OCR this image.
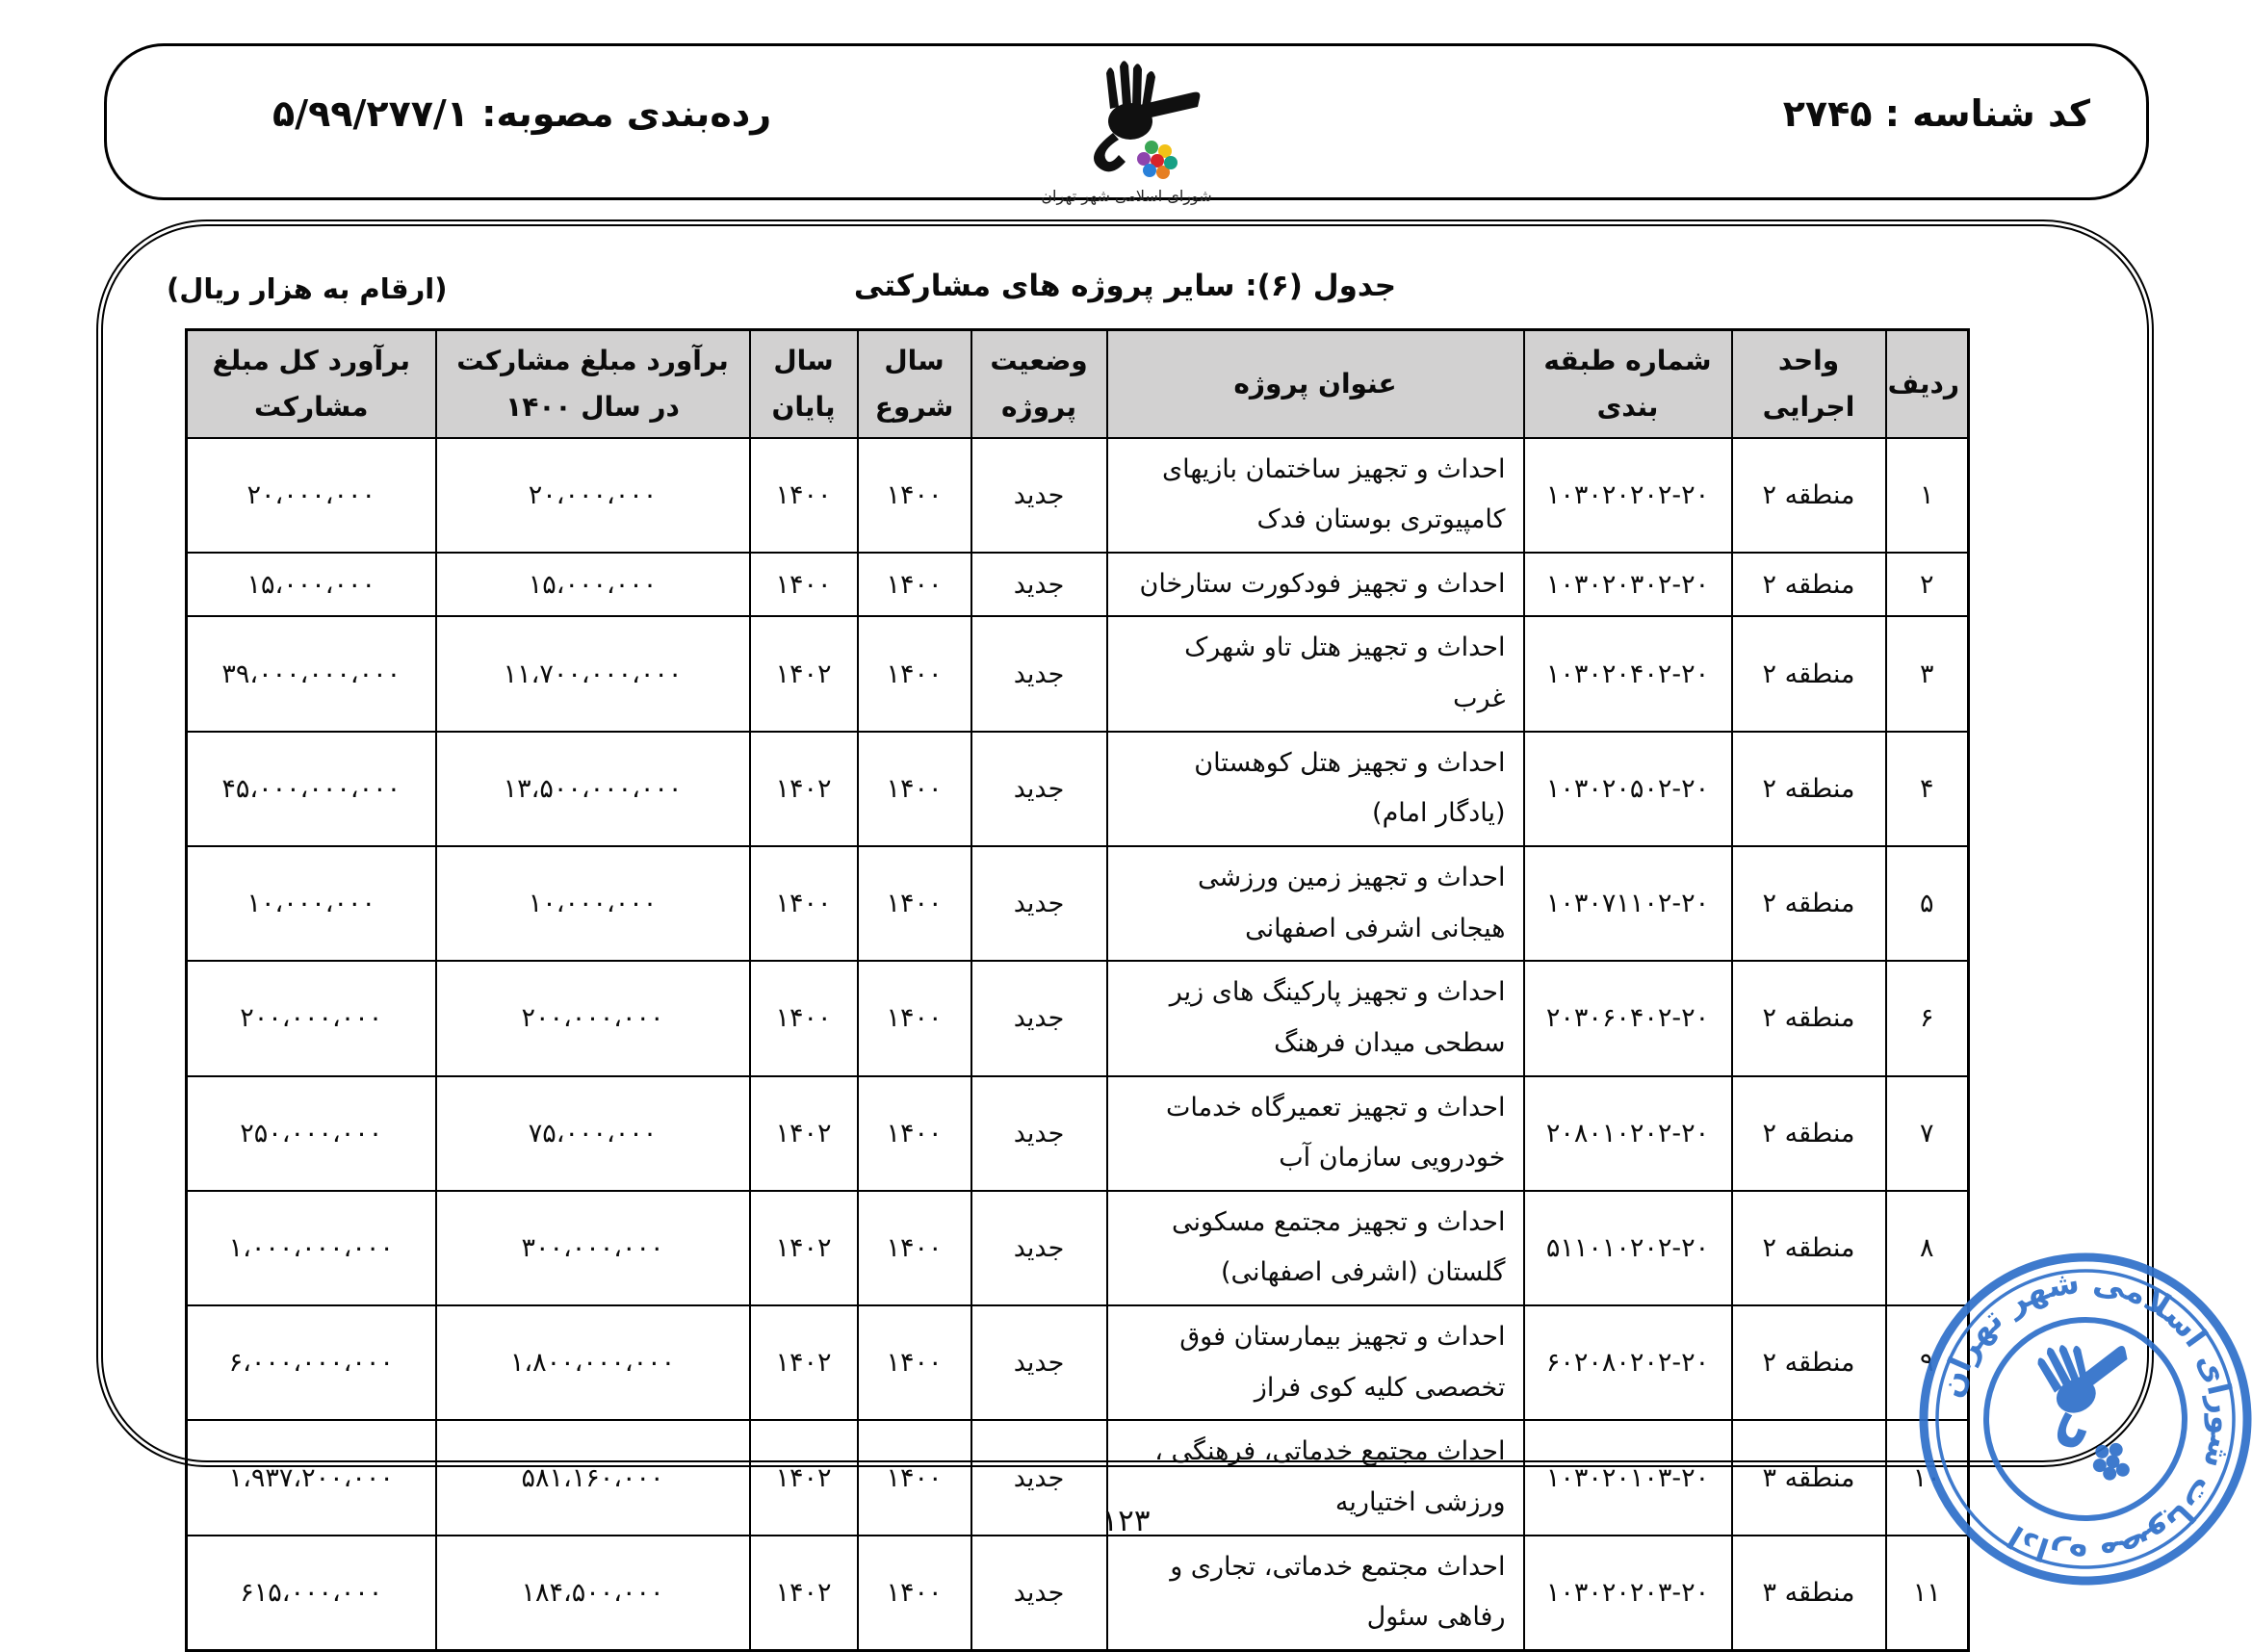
کد شناسه : ۲۷۴۵
شورای اسلامی شهر تهران
رده‌بندی مصوبه: ۵/۹۹/۲۷۷/۱
(ارقام به هزار ریال)	جدول (۶): سایر پروژه های مشارکتی
ردیف	واحد اجرایی	شماره طبقه بندی	عنوان پروژه	وضعیت پروژه	سال شروع	سال پایان	برآورد مبلغ مشارکت در سال ۱۴۰۰	برآورد کل مبلغ مشارکت
۱	منطقه ۲	۱۰۳۰۲۰۲۰۲-۲۰	احداث و تجهیز ساختمان بازیهای کامپیوتری بوستان فدک	جدید	۱۴۰۰	۱۴۰۰	۲۰،۰۰۰،۰۰۰	۲۰،۰۰۰،۰۰۰
۲	منطقه ۲	۱۰۳۰۲۰۳۰۲-۲۰	احداث و تجهیز فودکورت ستارخان	جدید	۱۴۰۰	۱۴۰۰	۱۵،۰۰۰،۰۰۰	۱۵،۰۰۰،۰۰۰
۳	منطقه ۲	۱۰۳۰۲۰۴۰۲-۲۰	احداث و تجهیز هتل تاو شهرک غرب	جدید	۱۴۰۰	۱۴۰۲	۱۱،۷۰۰،۰۰۰،۰۰۰	۳۹،۰۰۰،۰۰۰،۰۰۰
۴	منطقه ۲	۱۰۳۰۲۰۵۰۲-۲۰	احداث و تجهیز هتل کوهستان (یادگار امام)	جدید	۱۴۰۰	۱۴۰۲	۱۳،۵۰۰،۰۰۰،۰۰۰	۴۵،۰۰۰،۰۰۰،۰۰۰
۵	منطقه ۲	۱۰۳۰۷۱۱۰۲-۲۰	احداث و تجهیز زمین ورزشی هیجانی اشرفی اصفهانی	جدید	۱۴۰۰	۱۴۰۰	۱۰،۰۰۰،۰۰۰	۱۰،۰۰۰،۰۰۰
۶	منطقه ۲	۲۰۳۰۶۰۴۰۲-۲۰	احداث و تجهیز پارکینگ های زیر سطحی میدان فرهنگ	جدید	۱۴۰۰	۱۴۰۰	۲۰۰،۰۰۰،۰۰۰	۲۰۰،۰۰۰،۰۰۰
۷	منطقه ۲	۲۰۸۰۱۰۲۰۲-۲۰	احداث و تجهیز تعمیرگاه خدمات خودرویی سازمان آب	جدید	۱۴۰۰	۱۴۰۲	۷۵،۰۰۰،۰۰۰	۲۵۰،۰۰۰،۰۰۰
۸	منطقه ۲	۵۱۱۰۱۰۲۰۲-۲۰	احداث و تجهیز مجتمع مسکونی گلستان (اشرفی اصفهانی)	جدید	۱۴۰۰	۱۴۰۲	۳۰۰،۰۰۰،۰۰۰	۱،۰۰۰،۰۰۰،۰۰۰
۹	منطقه ۲	۶۰۲۰۸۰۲۰۲-۲۰	احداث و تجهیز بیمارستان فوق تخصصی کلیه کوی فراز	جدید	۱۴۰۰	۱۴۰۲	۱،۸۰۰،۰۰۰،۰۰۰	۶،۰۰۰،۰۰۰،۰۰۰
۱۰	منطقه ۳	۱۰۳۰۲۰۱۰۳-۲۰	احداث مجتمع خدماتی، فرهنگی ، ورزشی اختیاریه	جدید	۱۴۰۰	۱۴۰۲	۵۸۱،۱۶۰،۰۰۰	۱،۹۳۷،۲۰۰،۰۰۰
۱۱	منطقه ۳	۱۰۳۰۲۰۲۰۳-۲۰	احداث مجتمع خدماتی، تجاری و رفاهی سئول	جدید	۱۴۰۰	۱۴۰۲	۱۸۴،۵۰۰،۰۰۰	۶۱۵،۰۰۰،۰۰۰
۱۲۳
اداره مصوبات شورای اسلامی شهر تهران
